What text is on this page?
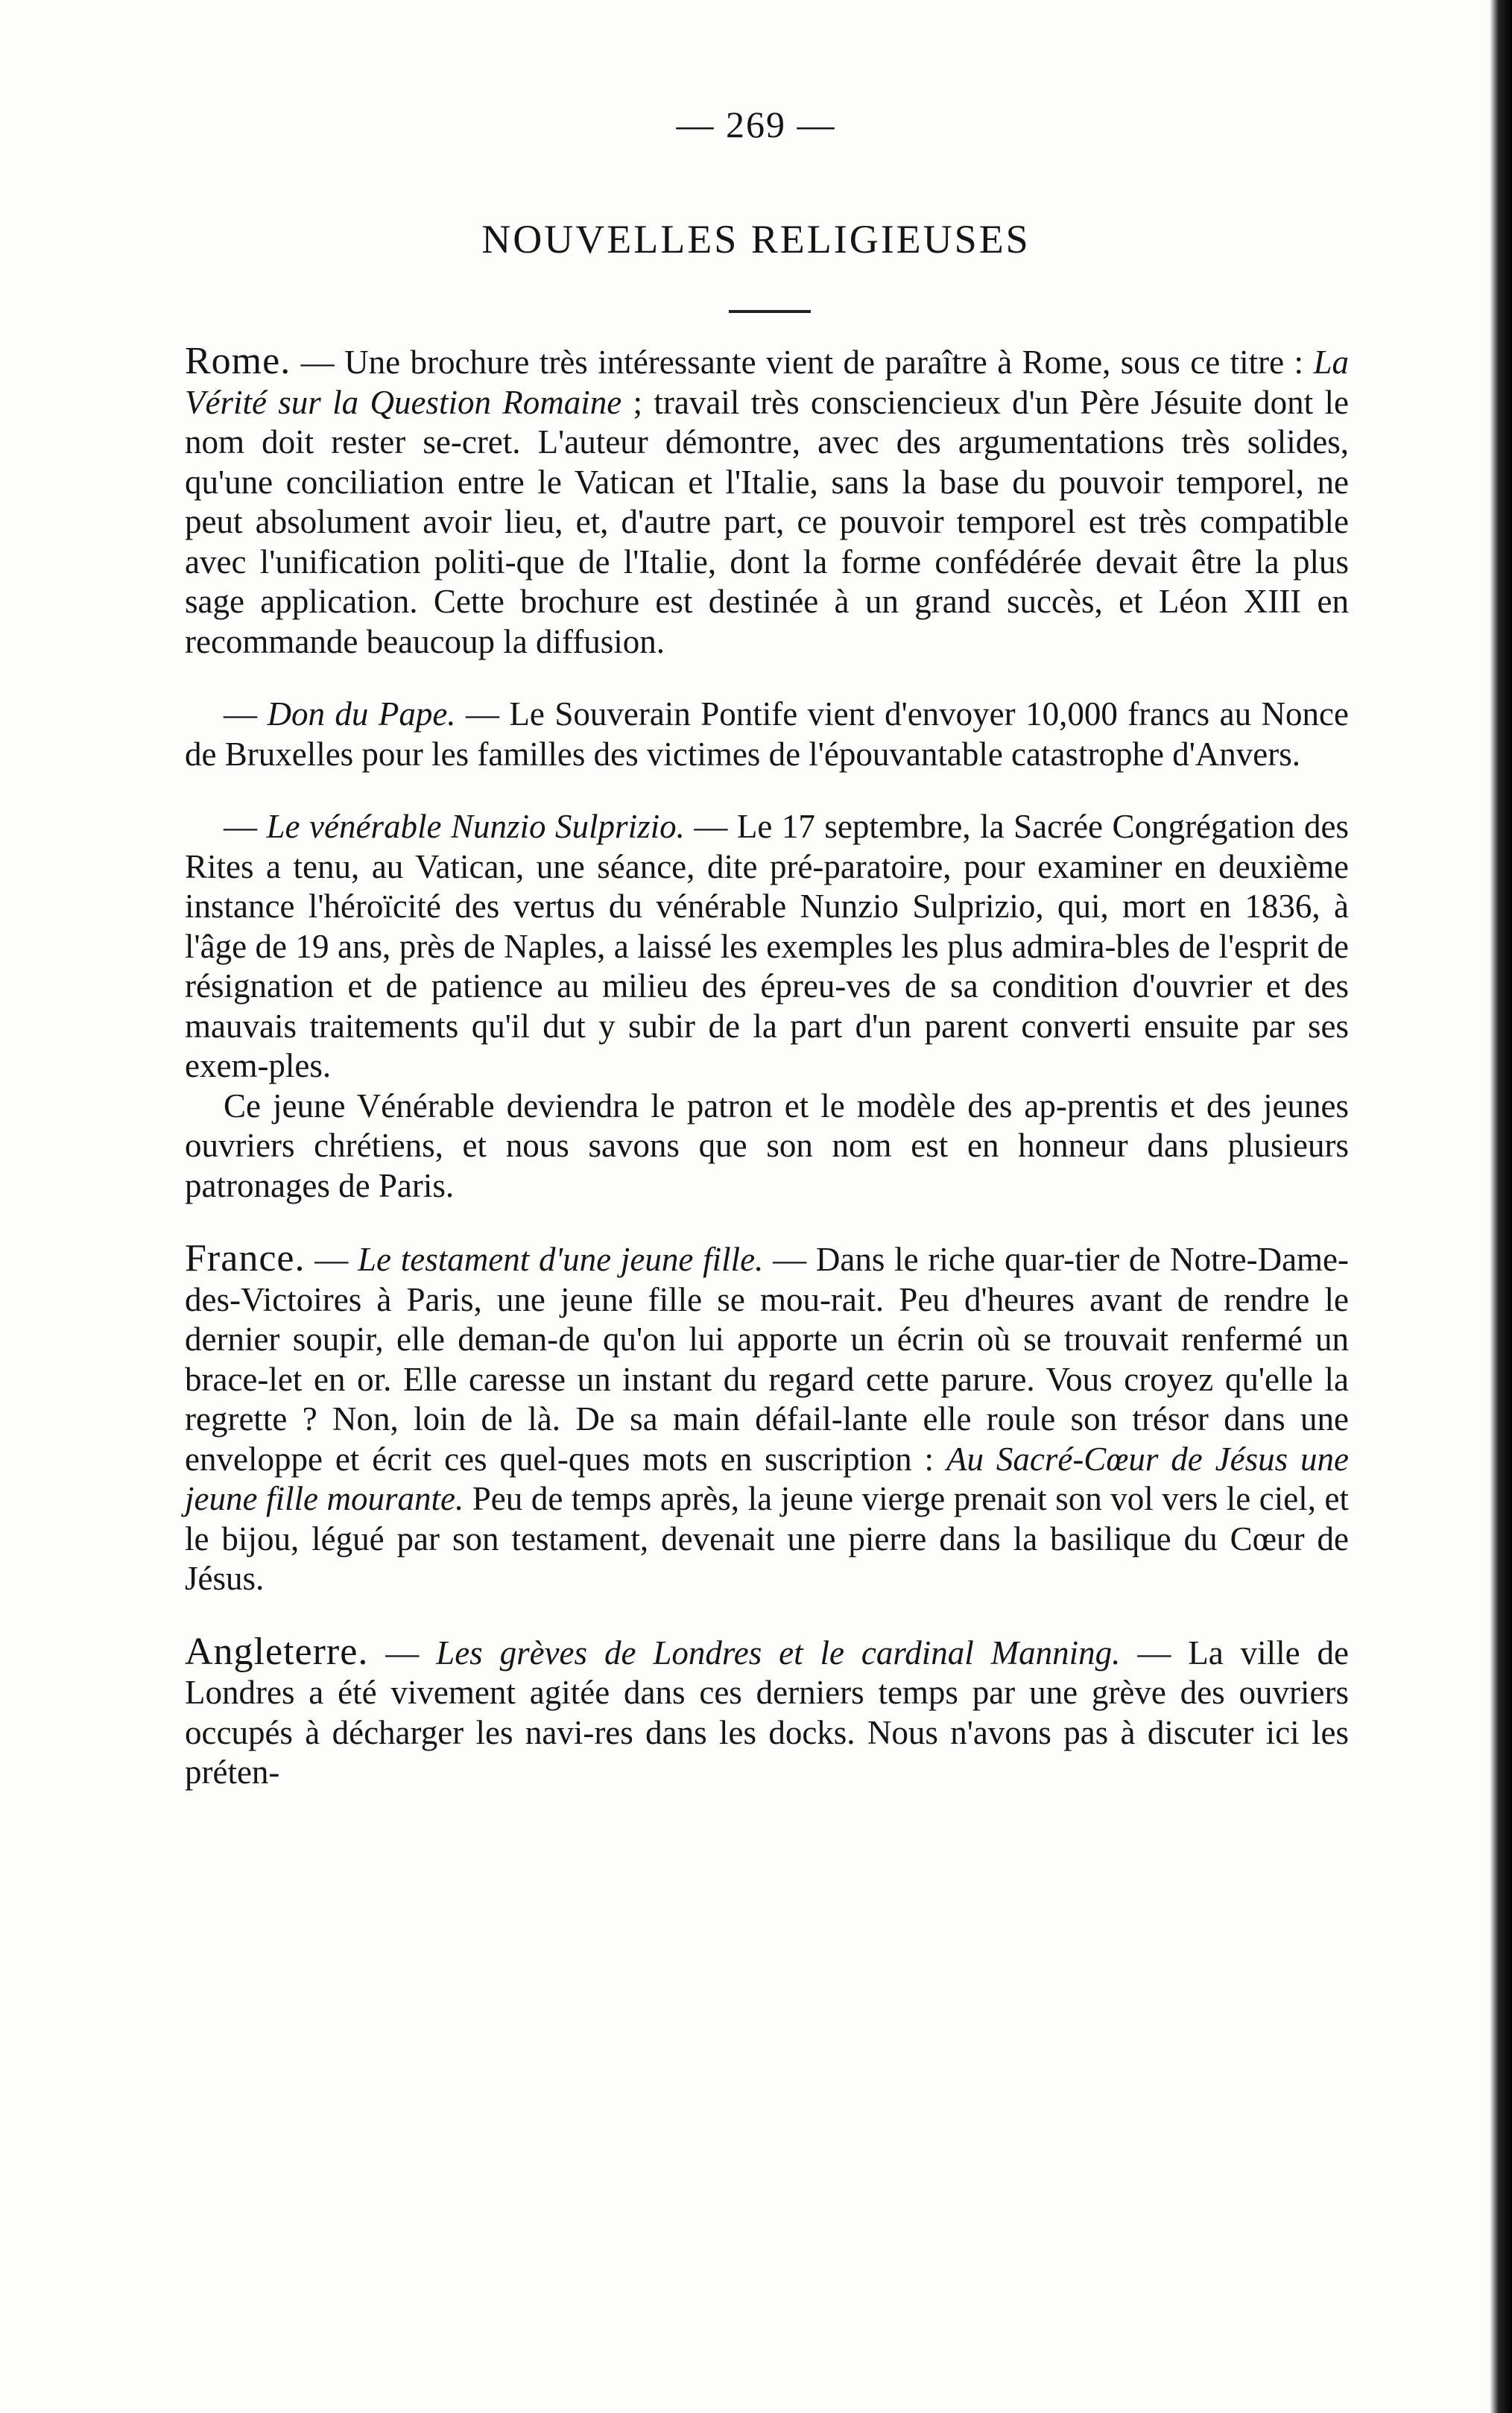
— 269 —
NOUVELLES RELIGIEUSES

Rome. — Une brochure très intéressante vient de paraître à Rome, sous ce titre : La Vérité sur la Question Romaine ; travail très consciencieux d'un Père Jésuite dont le nom doit rester se-cret. L'auteur démontre, avec des argumentations très solides, qu'une conciliation entre le Vatican et l'Italie, sans la base du pouvoir temporel, ne peut absolument avoir lieu, et, d'autre part, ce pouvoir temporel est très compatible avec l'unification politi-que de l'Italie, dont la forme confédérée devait être la plus sage application. Cette brochure est destinée à un grand succès, et Léon XIII en recommande beaucoup la diffusion.

— Don du Pape. — Le Souverain Pontife vient d'envoyer 10,000 francs au Nonce de Bruxelles pour les familles des victimes de l'épouvantable catastrophe d'Anvers.

— Le vénérable Nunzio Sulprizio. — Le 17 septembre, la Sacrée Congrégation des Rites a tenu, au Vatican, une séance, dite pré-paratoire, pour examiner en deuxième instance l'héroïcité des vertus du vénérable Nunzio Sulprizio, qui, mort en 1836, à l'âge de 19 ans, près de Naples, a laissé les exemples les plus admira-bles de l'esprit de résignation et de patience au milieu des épreu-ves de sa condition d'ouvrier et des mauvais traitements qu'il dut y subir de la part d'un parent converti ensuite par ses exem-ples.

Ce jeune Vénérable deviendra le patron et le modèle des ap-prentis et des jeunes ouvriers chrétiens, et nous savons que son nom est en honneur dans plusieurs patronages de Paris.

France. — Le testament d'une jeune fille. — Dans le riche quar-tier de Notre-Dame-des-Victoires à Paris, une jeune fille se mou-rait. Peu d'heures avant de rendre le dernier soupir, elle deman-de qu'on lui apporte un écrin où se trouvait renfermé un brace-let en or. Elle caresse un instant du regard cette parure. Vous croyez qu'elle la regrette ? Non, loin de là. De sa main défail-lante elle roule son trésor dans une enveloppe et écrit ces quel-ques mots en suscription : Au Sacré-Cœur de Jésus une jeune fille mourante. Peu de temps après, la jeune vierge prenait son vol vers le ciel, et le bijou, légué par son testament, devenait une pierre dans la basilique du Cœur de Jésus.

Angleterre. — Les grèves de Londres et le cardinal Manning. — La ville de Londres a été vivement agitée dans ces derniers temps par une grève des ouvriers occupés à décharger les navi-res dans les docks. Nous n'avons pas à discuter ici les préten-
